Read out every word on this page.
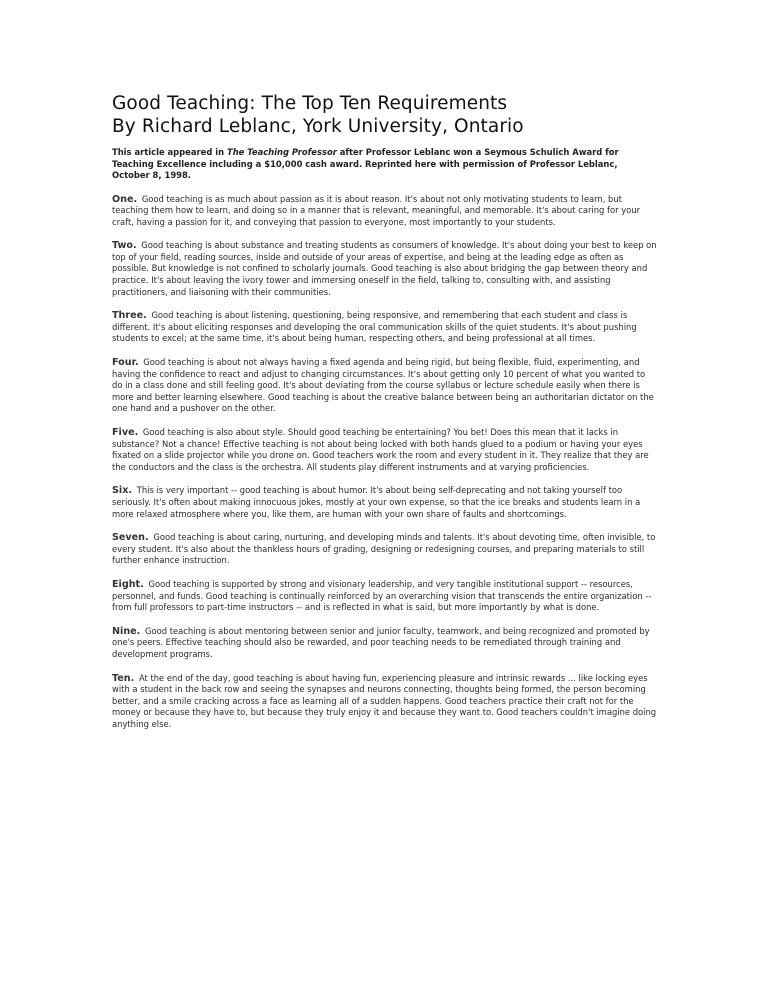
Good Teaching: The Top Ten Requirements
By Richard Leblanc, York University, Ontario

This article appeared in The Teaching Professor after Professor Leblanc won a Seymous Schulich Award for Teaching Excellence including a $10,000 cash award. Reprinted here with permission of Professor Leblanc, October 8, 1998.

One. Good teaching is as much about passion as it is about reason. It's about not only motivating students to learn, but teaching them how to learn, and doing so in a manner that is relevant, meaningful, and memorable. It's about caring for your craft, having a passion for it, and conveying that passion to everyone, most importantly to your students.

Two. Good teaching is about substance and treating students as consumers of knowledge. It's about doing your best to keep on top of your field, reading sources, inside and outside of your areas of expertise, and being at the leading edge as often as possible. But knowledge is not confined to scholarly journals. Good teaching is also about bridging the gap between theory and practice. It's about leaving the ivory tower and immersing oneself in the field, talking to, consulting with, and assisting practitioners, and liaisoning with their communities.

Three. Good teaching is about listening, questioning, being responsive, and remembering that each student and class is different. It's about eliciting responses and developing the oral communication skills of the quiet students. It's about pushing students to excel; at the same time, it's about being human, respecting others, and being professional at all times.

Four. Good teaching is about not always having a fixed agenda and being rigid, but being flexible, fluid, experimenting, and having the confidence to react and adjust to changing circumstances. It's about getting only 10 percent of what you wanted to do in a class done and still feeling good. It's about deviating from the course syllabus or lecture schedule easily when there is more and better learning elsewhere. Good teaching is about the creative balance between being an authoritarian dictator on the one hand and a pushover on the other.

Five. Good teaching is also about style. Should good teaching be entertaining? You bet! Does this mean that it lacks in substance? Not a chance! Effective teaching is not about being locked with both hands glued to a podium or having your eyes fixated on a slide projector while you drone on. Good teachers work the room and every student in it. They realize that they are the conductors and the class is the orchestra. All students play different instruments and at varying proficiencies.

Six. This is very important -- good teaching is about humor. It's about being self-deprecating and not taking yourself too seriously. It's often about making innocuous jokes, mostly at your own expense, so that the ice breaks and students learn in a more relaxed atmosphere where you, like them, are human with your own share of faults and shortcomings.

Seven. Good teaching is about caring, nurturing, and developing minds and talents. It's about devoting time, often invisible, to every student. It's also about the thankless hours of grading, designing or redesigning courses, and preparing materials to still further enhance instruction.

Eight. Good teaching is supported by strong and visionary leadership, and very tangible institutional support -- resources, personnel, and funds. Good teaching is continually reinforced by an overarching vision that transcends the entire organization -- from full professors to part-time instructors -- and is reflected in what is said, but more importantly by what is done.

Nine. Good teaching is about mentoring between senior and junior faculty, teamwork, and being recognized and promoted by one's peers. Effective teaching should also be rewarded, and poor teaching needs to be remediated through training and development programs.

Ten. At the end of the day, good teaching is about having fun, experiencing pleasure and intrinsic rewards ... like locking eyes with a student in the back row and seeing the synapses and neurons connecting, thoughts being formed, the person becoming better, and a smile cracking across a face as learning all of a sudden happens. Good teachers practice their craft not for the money or because they have to, but because they truly enjoy it and because they want to. Good teachers couldn't imagine doing anything else.
